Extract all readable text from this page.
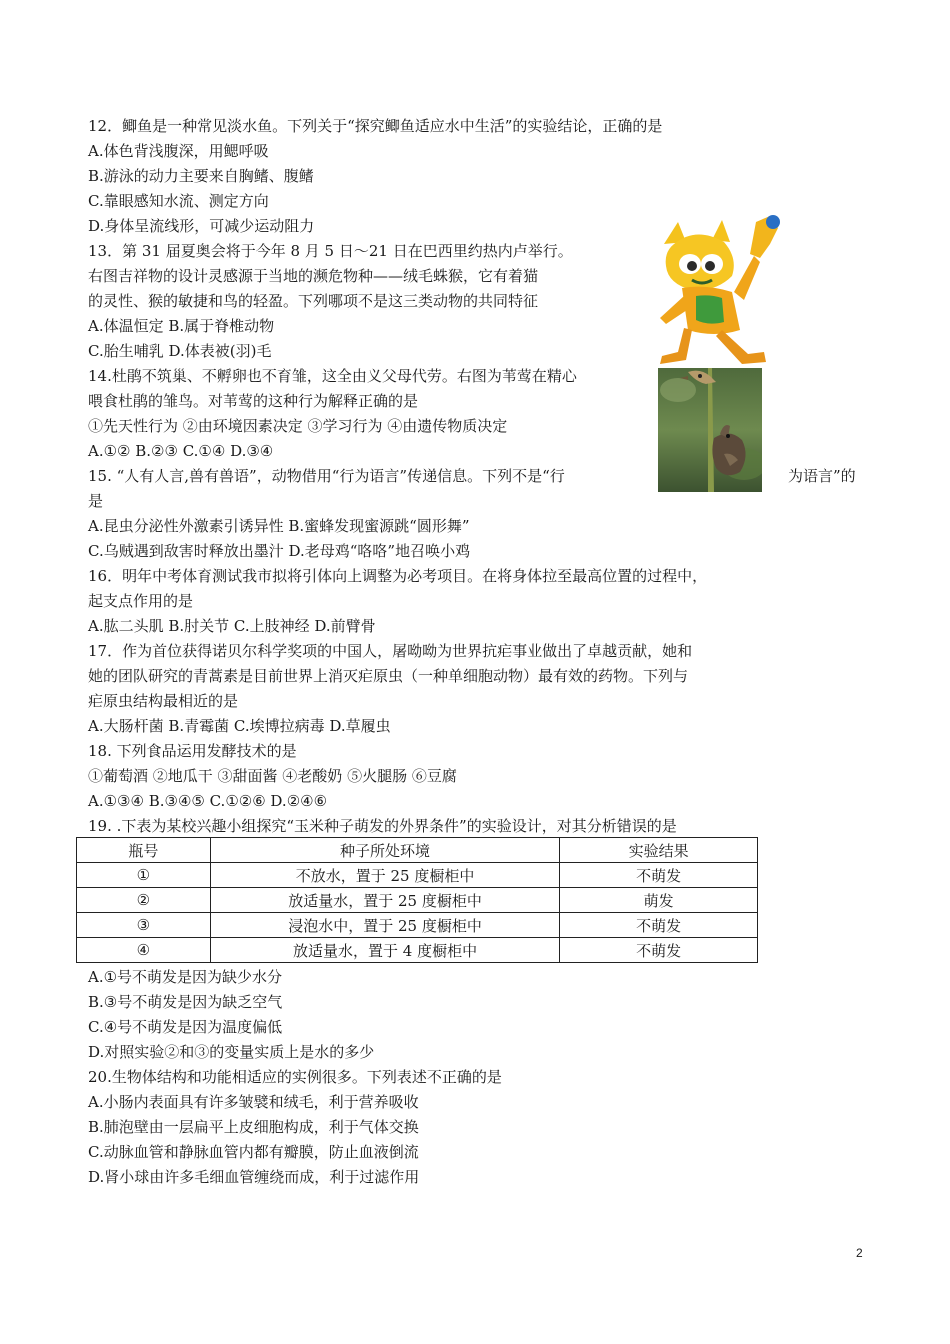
12．鲫鱼是一种常见淡水鱼。下列关于“探究鲫鱼适应水中生活”的实验结论，正确的是
A.体色背浅腹深，用鳃呼吸
B.游泳的动力主要来自胸鳍、腹鳍
C.靠眼感知水流、测定方向
D.身体呈流线形，可减少运动阻力
13．第 31 届夏奥会将于今年 8 月 5 日～21 日在巴西里约热内卢举行。
右图吉祥物的设计灵感源于当地的濒危物种——绒毛蛛猴，它有着猫
的灵性、猴的敏捷和鸟的轻盈。下列哪项不是这三类动物的共同特征
A.体温恒定 B.属于脊椎动物
C.胎生哺乳 D.体表被(羽)毛
14.杜鹃不筑巢、不孵卵也不育雏，这全由义父母代劳。右图为苇莺在精心
喂食杜鹃的雏鸟。对苇莺的这种行为解释正确的是
①先天性行为 ②由环境因素决定 ③学习行为 ④由遗传物质决定
A.①② B.②③ C.①④ D.③④
15. “人有人言,兽有兽语”，动物借用“行为语言”传递信息。下列不是“行	为语言”的
是
A.昆虫分泌性外激素引诱异性 B.蜜蜂发现蜜源跳“圆形舞”
C.乌贼遇到敌害时释放出墨汁 D.老母鸡“咯咯”地召唤小鸡
16．明年中考体育测试我市拟将引体向上调整为必考项目。在将身体拉至最高位置的过程中，
起支点作用的是
A.肱二头肌 B.肘关节 C.上肢神经 D.前臂骨
17．作为首位获得诺贝尔科学奖项的中国人，屠呦呦为世界抗疟事业做出了卓越贡献，她和
她的团队研究的青蒿素是目前世界上消灭疟原虫（一种单细胞动物）最有效的药物。下列与
疟原虫结构最相近的是
A.大肠杆菌 B.青霉菌 C.埃博拉病毒 D.草履虫
18. 下列食品运用发酵技术的是
①葡萄酒 ②地瓜干 ③甜面酱 ④老酸奶 ⑤火腿肠 ⑥豆腐
A.①③④ B.③④⑤ C.①②⑥ D.②④⑥
19. .下表为某校兴趣小组探究“玉米种子萌发的外界条件”的实验设计，对其分析错误的是
瓶号	种子所处环境	实验结果
①	不放水，置于 25 度橱柜中	不萌发
②	放适量水，置于 25 度橱柜中	萌发
③	浸泡水中，置于 25 度橱柜中	不萌发
④	放适量水，置于 4 度橱柜中	不萌发
A.①号不萌发是因为缺少水分
B.③号不萌发是因为缺乏空气
C.④号不萌发是因为温度偏低
D.对照实验②和③的变量实质上是水的多少
20.生物体结构和功能相适应的实例很多。下列表述不正确的是
A.小肠内表面具有许多皱襞和绒毛，利于营养吸收
B.肺泡壁由一层扁平上皮细胞构成，利于气体交换
C.动脉血管和静脉血管内都有瓣膜，防止血液倒流
D.肾小球由许多毛细血管缠绕而成，利于过滤作用
2
